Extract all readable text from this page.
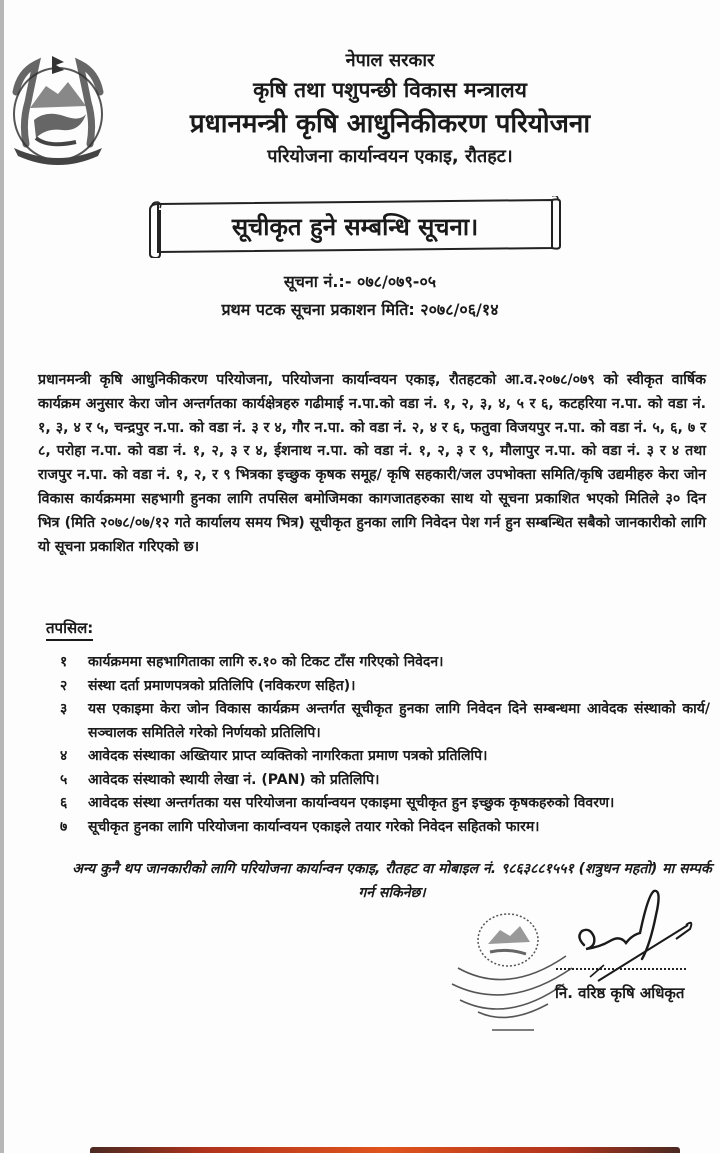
नेपाल सरकार
कृषि तथा पशुपन्छी विकास मन्त्रालय
प्रधानमन्त्री कृषि आधुनिकीकरण परियोजना
परियोजना कार्यान्वयन एकाइ, रौतहट।
सूचीकृत हुने सम्बन्धि सूचना।
सूचना नं.:- ०७८/०७९-०५
प्रथम पटक सूचना प्रकाशन मिति: २०७८/०६/१४
प्रधानमन्त्री कृषि आधुनिकीकरण परियोजना, परियोजना कार्यान्वयन एकाइ, रौतहटको आ.व.२०७८/०७९ को स्वीकृत वार्षिक कार्यक्रम अनुसार केरा जोन अन्तर्गतका कार्यक्षेत्रहरु गढीमाई न.पा.को वडा नं. १, २, ३, ४, ५ र ६, कटहरिया न.पा. को वडा नं. १, ३, ४ र ५, चन्द्रपुर न.पा. को वडा नं. ३ र ४, गौर न.पा. को वडा नं. २, ४ र ६, फतुवा विजयपुर न.पा. को वडा नं. ५, ६, ७ र ८, परोहा न.पा. को वडा नं. १, २, ३ र ४, ईशनाथ न.पा. को वडा नं. १, २, ३ र ९, मौलापुर न.पा. को वडा नं. ३ र ४ तथा राजपुर न.पा. को वडा नं. १, २, र ९ भित्रका इच्छुक कृषक समूह/ कृषि सहकारी/जल उपभोक्ता समिति/कृषि उद्यमीहरु केरा जोन विकास कार्यक्रममा सहभागी हुनका लागि तपसिल बमोजिमका कागजातहरुका साथ यो सूचना प्रकाशित भएको मितिले ३० दिन भित्र (मिति २०७८/०७/१२ गते कार्यालय समय भित्र) सूचीकृत हुनका लागि निवेदन पेश गर्न हुन सम्बन्धित सबैको जानकारीको लागि यो सूचना प्रकाशित गरिएको छ।
तपसिल:
१	कार्यक्रममा सहभागिताका लागि रु.१० को टिकट टाँस गरिएको निवेदन।
२	संस्था दर्ता प्रमाणपत्रको प्रतिलिपि (नविकरण सहित)।
३	यस एकाइमा केरा जोन विकास कार्यक्रम अन्तर्गत सूचीकृत हुनका लागि निवेदन दिने सम्बन्धमा आवेदक संस्थाको कार्य/सञ्चालक समितिले गरेको निर्णयको प्रतिलिपि।
४	आवेदक संस्थाका अख्तियार प्राप्त व्यक्तिको नागरिकता प्रमाण पत्रको प्रतिलिपि।
५	आवेदक संस्थाको स्थायी लेखा नं. (PAN) को प्रतिलिपि।
६	आवेदक संस्था अन्तर्गतका यस परियोजना कार्यान्वयन एकाइमा सूचीकृत हुन इच्छुक कृषकहरुको विवरण।
७	सूचीकृत हुनका लागि परियोजना कार्यान्वयन एकाइले तयार गरेको निवेदन सहितको फारम।
अन्य कुनै थप जानकारीको लागि परियोजना कार्यान्वन एकाइ, रौतहट वा मोबाइल नं. ९८६३८८१५५१ (शत्रुधन महतो) मा सम्पर्क गर्न सकिनेछ।
नि. वरिष्ठ कृषि अधिकृत
